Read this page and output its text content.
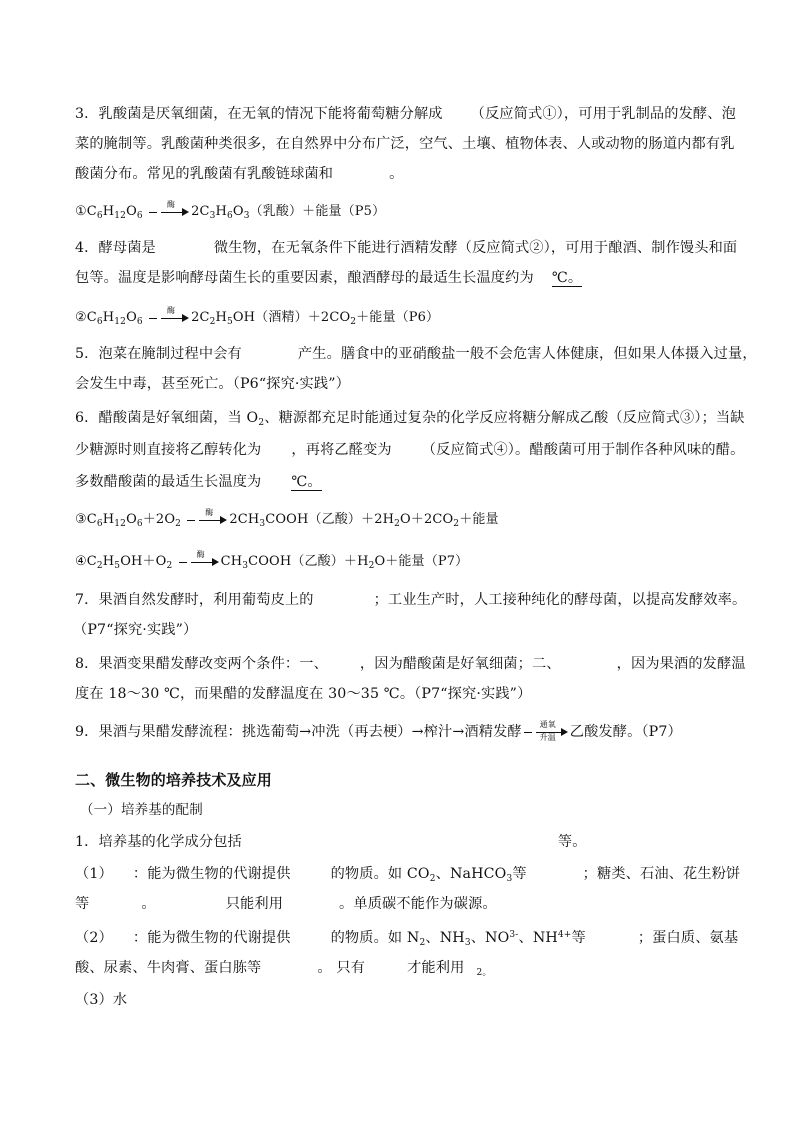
3．乳酸菌是厌氧细菌，在无氧的情况下能将葡萄糖分解成 （反应简式①），可用于乳制品的发酵、泡
菜的腌制等。乳酸菌种类很多，在自然界中分布广泛，空气、土壤、植物体表、人或动物的肠道内都有乳
酸菌分布。常见的乳酸菌有乳酸链球菌和	。
$①C_6H_{12}O_6$
酶	$2C_3H_6O_3$（乳酸）＋能量（P5）
4．酵母菌是	微生物，在无氧条件下能进行酒精发酵（反应简式②），可用于酿酒、制作馒头和面
包等。温度是影响酵母菌生长的重要因素，酿酒酵母的最适生长温度约为 ℃。
$②C_6H_{12}O_6$
酶	$2C_2H_5OH$（酒精）$+2CO_2+$能量（P6）
5．泡菜在腌制过程中会有	产生。膳食中的亚硝酸盐一般不会危害人体健康，但如果人体摄入过量，
会发生中毒，甚至死亡。（P6“探究·实践”）
6．醋酸菌是好氧细菌，当 $O_2$、糖源都充足时能通过复杂的化学反应将糖分解成乙酸（反应简式③）；当缺
少糖源时则直接将乙醇转化为 ，再将乙醛变为 （反应简式④）。醋酸菌可用于制作各种风味的醋。
多数醋酸菌的最适生长温度为 ℃。
$③C_6H_{12}O_6+2O_2$
酶	$2CH_3COOH$（乙酸）$+2H_2O+2CO_2+$能量
$④C_2H_5OH+O_2$
酶	$CH_3COOH$（乙酸）$+H_2O+$能量（P7）
7．果酒自然发酵时，利用葡萄皮上的	；工业生产时，人工接种纯化的酵母菌，以提高发酵效率。
（P7“探究·实践”）
8．果酒变果醋发酵改变两个条件：一、 ，因为醋酸菌是好氧细菌；二、	，因为果酒的发酵温
度在 18～30 ℃，而果醋的发酵温度在 30～35 ℃。（P7“探究·实践”）
9．果酒与果醋发酵流程：挑选葡萄→冲洗（再去梗）→榨汁→酒精发酵	通氧
升温 乙酸发酵。（P7）
二、微生物的培养技术及应用
（一）培养基的配制
1．培养基的化学成分包括	等。
（1） ：能为微生物的代谢提供	的物质。如 $CO_2$、NaHCO$_3$等	；糖类、石油、花生粉饼
等	。	只能利用	。单质碳不能作为碳源。
（2） ：能为微生物的代谢提供	的物质。如 $N_2$、$NH_3$、$NO^{3-}$、$NH^{4+}$等	；蛋白质、氨基
酸、尿素、牛肉膏、蛋白胨等	。 只有	才能利用 $_{2。}$
（3）水
